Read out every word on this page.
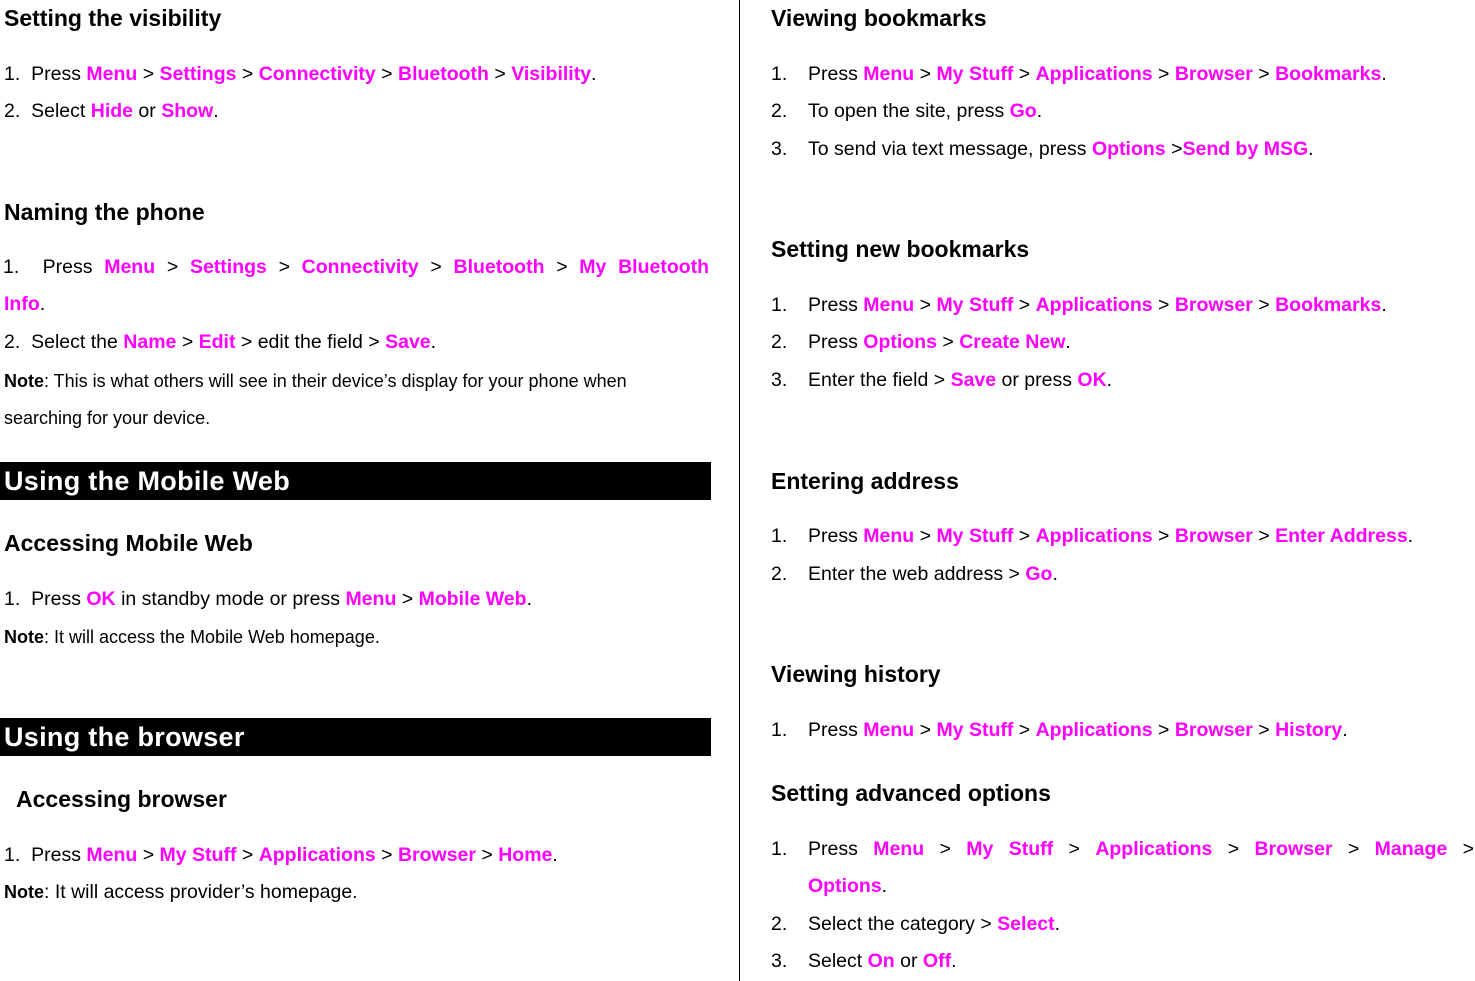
Setting the visibility
1. Press Menu > Settings > Connectivity > Bluetooth > Visibility.
2. Select Hide or Show.
Naming the phone
1. Press Menu > Settings > Connectivity > Bluetooth > My Bluetooth
Info.
2. Select the Name > Edit > edit the field > Save.
Note: This is what others will see in their device’s display for your phone when
searching for your device.
Using the Mobile Web
Accessing Mobile Web
1. Press OK in standby mode or press Menu > Mobile Web.
Note: It will access the Mobile Web homepage.
Using the browser
Accessing browser
1. Press Menu > My Stuff > Applications > Browser > Home.
Note: It will access provider’s homepage.
Viewing bookmarks
1. Press Menu > My Stuff > Applications > Browser > Bookmarks.
2. To open the site, press Go.
3. To send via text message, press Options >Send by MSG.
Setting new bookmarks
1. Press Menu > My Stuff > Applications > Browser > Bookmarks.
2. Press Options > Create New.
3. Enter the field > Save or press OK.
Entering address
1. Press Menu > My Stuff > Applications > Browser > Enter Address.
2. Enter the web address > Go.
Viewing history
1. Press Menu > My Stuff > Applications > Browser > History.
Setting advanced options
1. Press Menu > My Stuff > Applications > Browser > Manage >
Options.
2. Select the category > Select.
3. Select On or Off.
